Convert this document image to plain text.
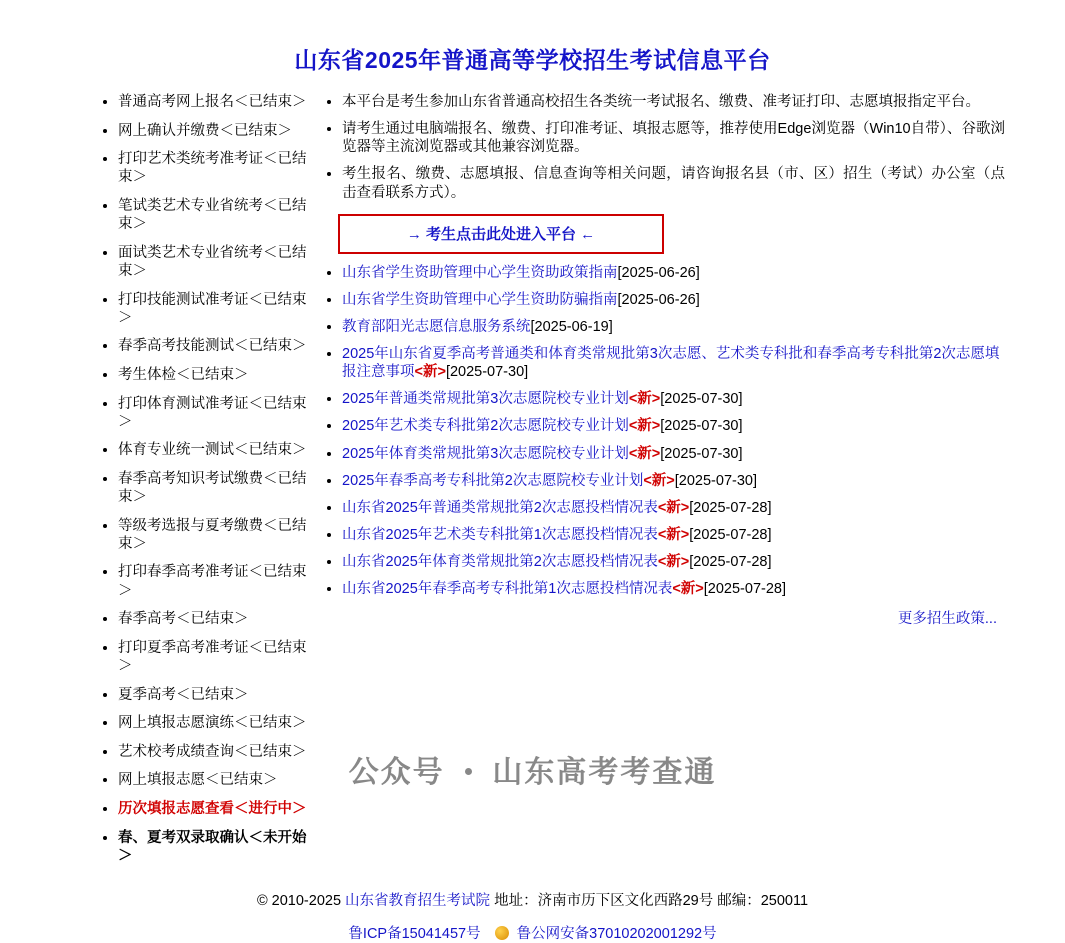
山东省2025年普通高等学校招生考试信息平台
• 普通高考网上报名＜已结束＞
• 网上确认并缴费＜已结束＞
• 打印艺术类统考准考证＜已结束＞
• 笔试类艺术专业省统考＜已结束＞
• 面试类艺术专业省统考＜已结束＞
• 打印技能测试准考证＜已结束＞
• 春季高考技能测试＜已结束＞
• 考生体检＜已结束＞
• 打印体育测试准考证＜已结束＞
• 体育专业统一测试＜已结束＞
• 春季高考知识考试缴费＜已结束＞
• 等级考选报与夏考缴费＜已结束＞
• 打印春季高考准考证＜已结束＞
• 春季高考＜已结束＞
• 打印夏季高考准考证＜已结束＞
• 夏季高考＜已结束＞
• 网上填报志愿演练＜已结束＞
• 艺术校考成绩查询＜已结束＞
• 网上填报志愿＜已结束＞
• 历次填报志愿查看＜进行中＞
• 春、夏考双录取确认＜未开始＞
• 本平台是考生参加山东省普通高校招生各类统一考试报名、缴费、准考证打印、志愿填报指定平台。
• 请考生通过电脑端报名、缴费、打印准考证、填报志愿等，推荐使用Edge浏览器（Win10自带）、谷歌浏览器等主流浏览器或其他兼容浏览器。
• 考生报名、缴费、志愿填报、信息查询等相关问题，请咨询报名县（市、区）招生（考试）办公室（点击查看联系方式）。
→ 考生点击此处进入平台 ←
• 山东省学生资助管理中心学生资助政策指南[2025-06-26]
• 山东省学生资助管理中心学生资助防骗指南[2025-06-26]
• 教育部阳光志愿信息服务系统[2025-06-19]
• 2025年山东省夏季高考普通类和体育类常规批第3次志愿、艺术类专科批和春季高考专科批第2次志愿填报注意事项<新>[2025-07-30]
• 2025年普通类常规批第3次志愿院校专业计划<新>[2025-07-30]
• 2025年艺术类专科批第2次志愿院校专业计划<新>[2025-07-30]
• 2025年体育类常规批第3次志愿院校专业计划<新>[2025-07-30]
• 2025年春季高考专科批第2次志愿院校专业计划<新>[2025-07-30]
• 山东省2025年普通类常规批第2次志愿投档情况表<新>[2025-07-28]
• 山东省2025年艺术类专科批第1次志愿投档情况表<新>[2025-07-28]
• 山东省2025年体育类常规批第2次志愿投档情况表<新>[2025-07-28]
• 山东省2025年春季高考专科批第1次志愿投档情况表<新>[2025-07-28]
更多招生政策...
© 2010-2025 山东省教育招生考试院 地址：济南市历下区文化西路29号 邮编：250011
鲁ICP备15041457号 鲁公网安备37010202001292号
公众号 山东高考考查通
